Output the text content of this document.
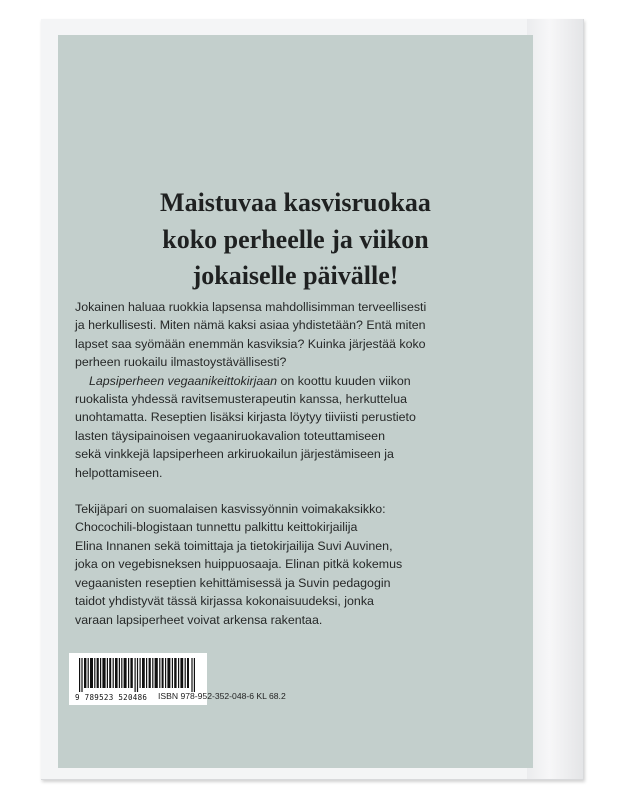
Maistuvaa kasvisruokaa
koko perheelle ja viikon
jokaiselle päivälle!

Jokainen haluaa ruokkia lapsensa mahdollisimman terveellisesti
ja herkullisesti. Miten nämä kaksi asiaa yhdistetään? Entä miten
lapset saa syömään enemmän kasviksia? Kuinka järjestää koko
perheen ruokailu ilmastoystävällisesti?

Lapsiperheen vegaanikeittokirjaan on koottu kuuden viikon
ruokalista yhdessä ravitsemusterapeutin kanssa, herkuttelua
unohtamatta. Reseptien lisäksi kirjasta löytyy tiiviisti perustieto
lasten täysipainoisen vegaaniruokavalion toteuttamiseen
sekä vinkkejä lapsiperheen arkiruokailun järjestämiseen ja
helpottamiseen.

Tekijäpari on suomalaisen kasvissyönnin voimakaksikko:
Chocochili-blogistaan tunnettu palkittu keittokirjailija
Elina Innanen sekä toimittaja ja tietokirjailija Suvi Auvinen,
joka on vegebisneksen huippuosaaja. Elinan pitkä kokemus
vegaanisten reseptien kehittämisessä ja Suvin pedagogin
taidot yhdistyvät tässä kirjassa kokonaisuudeksi, jonka
varaan lapsiperheet voivat arkensa rakentaa.

9 789523 520486	ISBN 978-952-352-048-6 KL 68.2
